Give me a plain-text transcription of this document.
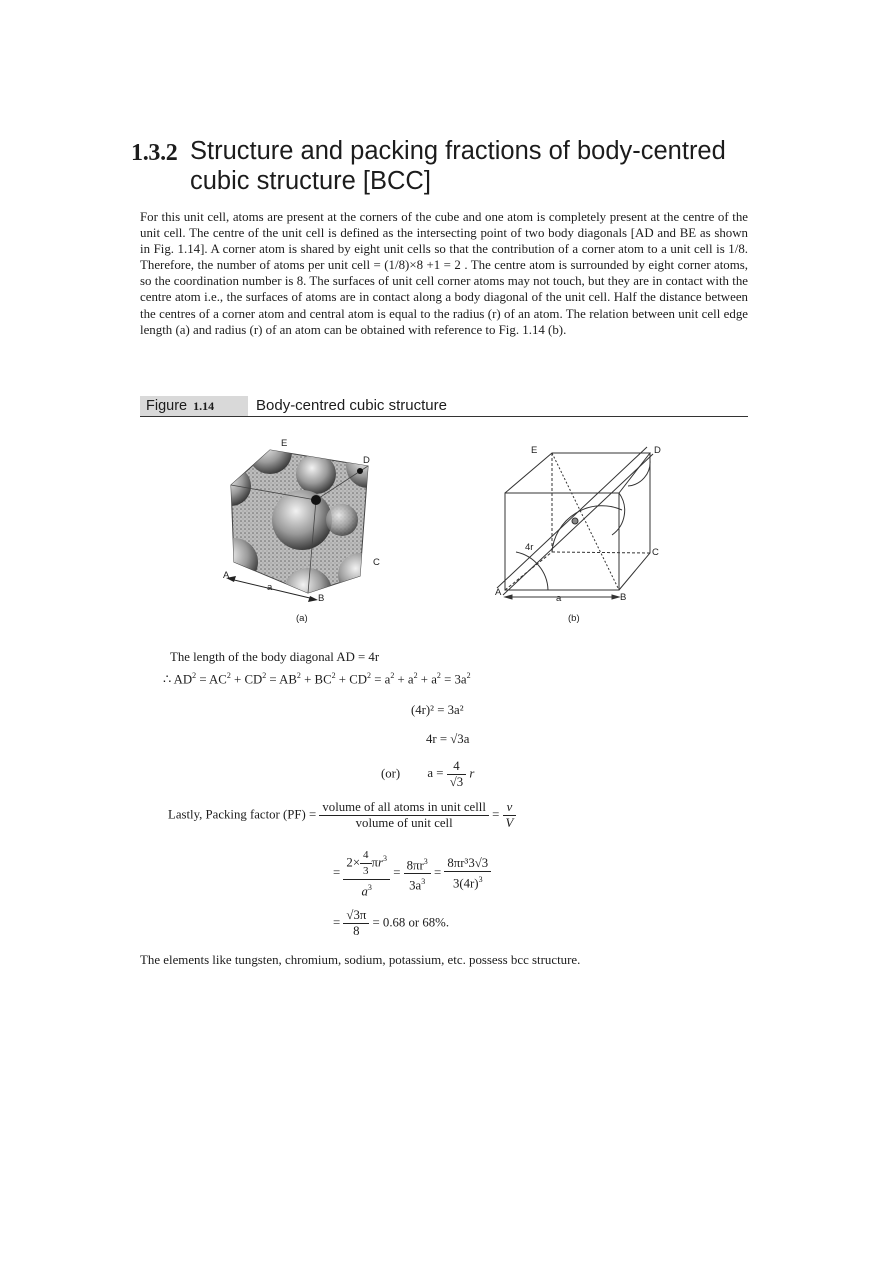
1.3.2 Structure and packing fractions of body-centred cubic structure [BCC]

For this unit cell, atoms are present at the corners of the cube and one atom is completely present at the centre of the unit cell. The centre of the unit cell is defined as the intersecting point of two body diagonals [AD and BE as shown in Fig. 1.14]. A corner atom is shared by eight unit cells so that the contribution of a corner atom to a unit cell is 1/8. Therefore, the number of atoms per unit cell = (1/8)×8 +1 = 2 . The centre atom is surrounded by eight corner atoms, so the coordination number is 8. The surfaces of unit cell corner atoms may not touch, but they are in contact with the centre atom i.e., the surfaces of atoms are in contact along a body diagonal of the unit cell. Half the distance between the centres of a corner atom and central atom is equal to the radius (r) of an atom. The relation between unit cell edge length (a) and radius (r) of an atom can be obtained with reference to Fig. 1.14 (b).

Figure 1.14	Body-centred cubic structure
E
D
C
A
B
a
(a)
E	D
C
A	B
a
4r
(b)
The length of the body diagonal AD = 4r
∴ $AD^2 = AC^2 + CD^2 = AB^2 + BC^2 + CD^2 = a^2 + a^2 + a^2 = 3a^2$
(4r)² = 3a²
4r = √3a
(or) $a = \frac{4}{√3}$ r
Lastly, Packing factor $(PF) = \frac{\text{volume of all atoms in unit celll}}{\text{volume of unit cell}} = \frac{v}{V}$
= $\frac{2\times \frac{4}{3} \pi r^3}{a^3} = \frac{8\pi r^3}{3a^3} = \frac{\text{8πr³3√3}}{3(4r)^3}$
= $\frac{√3\pi}{8} = 0.68$ or 68%.
The elements like tungsten, chromium, sodium, potassium, etc. possess bcc structure.
